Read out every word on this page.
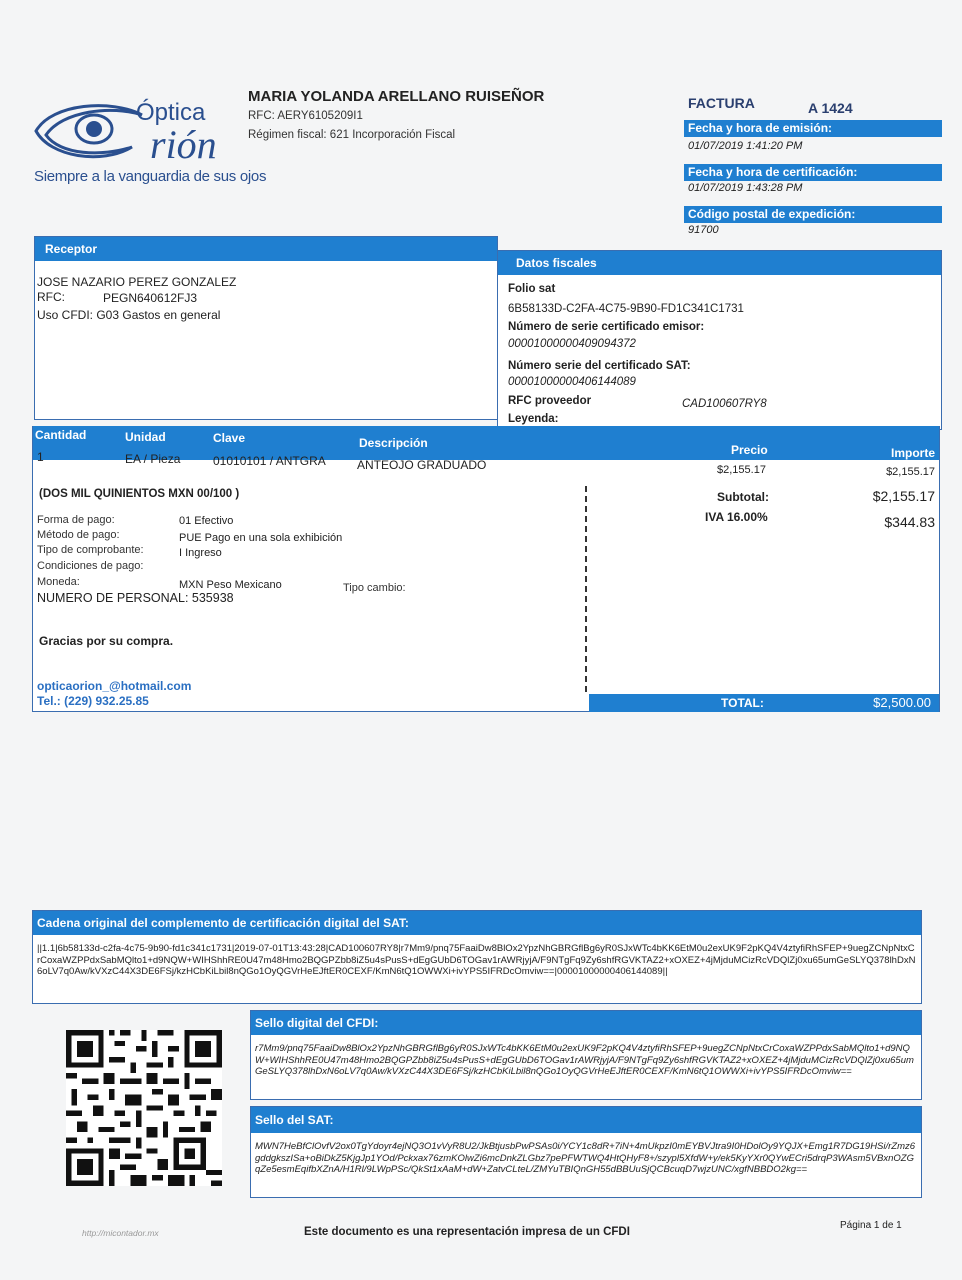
Óptica
rión
Siempre a la vanguardia de sus ojos
MARIA YOLANDA ARELLANO RUISEÑOR
RFC: AERY6105209I1
Régimen fiscal: 621 Incorporación Fiscal
FACTURA	A 1424
Fecha y hora de emisión:
01/07/2019 1:41:20 PM
Fecha y hora de certificación:
01/07/2019 1:43:28 PM
Código postal de expedición:
91700
Receptor
JOSE NAZARIO PEREZ GONZALEZ
RFC:	PEGN640612FJ3
Uso CFDI: G03 Gastos en general
Datos fiscales
Folio sat
6B58133D-C2FA-4C75-9B90-FD1C341C1731
Número de serie certificado emisor:
00001000000409094372
Número serie del certificado SAT:
00001000000406144089
RFC proveedor	CAD100607RY8
Leyenda:
Cantidad	Unidad	Clave	Descripción	Precio	Importe
1	EA / Pieza	01010101 / ANTGRA	ANTEOJO GRADUADO	$2,155.17	$2,155.17
(DOS MIL QUINIENTOS MXN 00/100 )
Forma de pago:	01 Efectivo
Método de pago:	PUE Pago en una sola exhibición
Tipo de comprobante:	I Ingreso
Condiciones de pago:
Moneda:	MXN Peso Mexicano	Tipo cambio:
NUMERO DE PERSONAL: 535938
Gracias por su compra.
opticaorion_@hotmail.com
Tel.: (229) 932.25.85
Subtotal:	$2,155.17
IVA 16.00%	$344.83
TOTAL:	$2,500.00
Cadena original del complemento de certificación digital del SAT:
||1.1|6b58133d-c2fa-4c75-9b90-fd1c341c1731|2019-07-01T13:43:28|CAD100607RY8|r7Mm9/pnq75FaaiDw8BlOx2YpzNhGBRGflBg6yR0SJxWTc4bKK6EtM0u2exUK9F2pKQ4V4ztyfiRhSFEP+9uegZCNpNtxCrCoxaWZPPdxSabMQlto1+d9NQW+WIHShhRE0U47m48Hmo2BQGPZbb8iZ5u4sPusS+dEgGUbD6TOGav1rAWRjyjA/F9NTgFq9Zy6shfRGVKTAZ2+xOXEZ+4jMjduMCizRcVDQlZj0xu65umGeSLYQ378lhDxN6oLV7q0Aw/kVXzC44X3DE6FSj/kzHCbKiLbil8nQGo1OyQGVrHeEJftER0CEXF/KmN6tQ1OWWXi+ivYPS5IFRDcOmviw==|00001000000406144089||
Sello digital del CFDI:
r7Mm9/pnq75FaaiDw8BlOx2YpzNhGBRGflBg6yR0SJxWTc4bKK6EtM0u2exUK9F2pKQ4V4ztyfiRhSFEP+9uegZCNpNtxCrCoxaWZPPdxSabMQlto1+d9NQW+WIHShhRE0U47m48Hmo2BQGPZbb8iZ5u4sPusS+dEgGUbD6TOGav1rAWRjyjA/F9NTgFq9Zy6shfRGVKTAZ2+xOXEZ+4jMjduMCizRcVDQlZj0xu65umGeSLYQ378lhDxN6oLV7q0Aw/kVXzC44X3DE6FSj/kzHCbKiLbil8nQGo1OyQGVrHeEJftER0CEXF/KmN6tQ1OWWXi+ivYPS5IFRDcOmviw==
Sello del SAT:
MWN7HeBfClOvfV2ox0TgYdoyr4ejNQ3O1vVyR8U2/JkBtjusbPwPSAs0i/YCY1c8dR+7iN+4mUkpzI0mEYBVJtra9I0HDolOy9YQJX+Emg1R7DG19HSi/rZmz6gddgkszISa+oBiDkZ5KjgJp1YOd/Pckxax76zmKOlwZi6mcDnkZLGbz7pePFWTWQ4HtQHyF8+/szypl5XfdW+y/ek5KyYXr0QYwECri5drqP3WAsm5VBxnOZGqZe5esmEqifbXZnA/H1Rl/9LWpPSc/QkSt1xAaM+dW+ZatvCLteL/ZMYuTBIQnGH55dBBUuSjQCBcuqD7wjzUNC/xgfNBBDO2kg==
http://micontador.mx	Este documento es una representación impresa de un CFDI
Página 1 de 1
